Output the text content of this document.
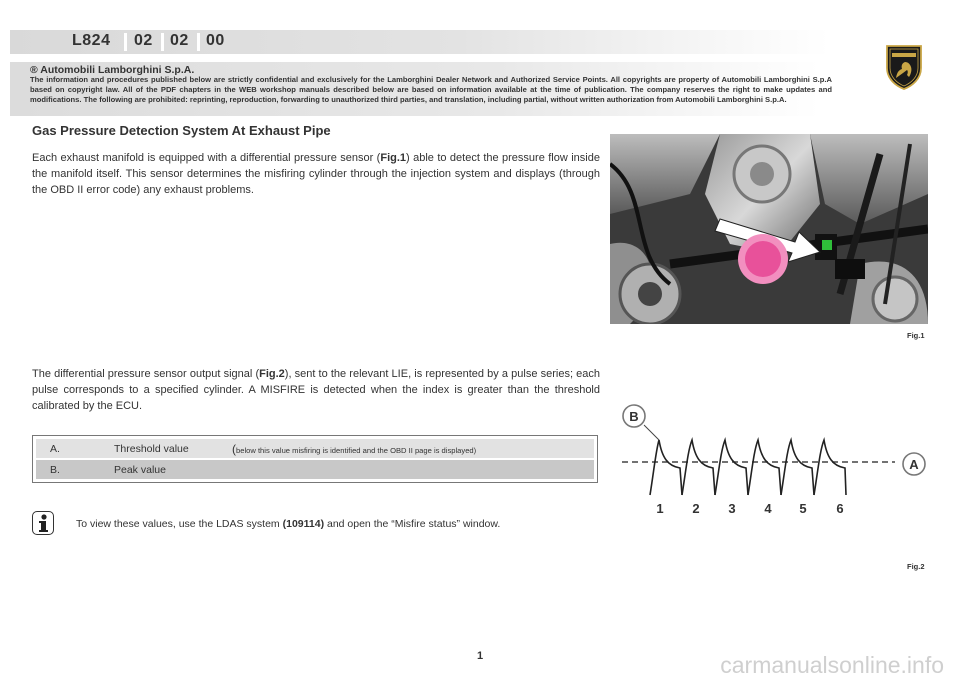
L824 02 02 00
® Automobili Lamborghini S.p.A.
The information and procedures published below are strictly confidential and exclusively for the Lamborghini Dealer Network and Authorized Service Points. All copyrights are property of Automobili Lamborghini S.p.A based on copyright law. All of the PDF chapters in the WEB workshop manuals described below are based on information available at the time of publication. The company reserves the right to make updates and modifications. The following are prohibited: reprinting, reproduction, forwarding to unauthorized third parties, and translation, including partial, without written authorization from Automobili Lamborghini S.p.A.
Gas Pressure Detection System At Exhaust Pipe
Each exhaust manifold is equipped with a differential pressure sensor (Fig.1) able to detect the pressure flow inside the manifold itself. This sensor determines the misfiring cylinder through the injection system and displays (through the OBD II error code) any exhaust problems.
The differential pressure sensor output signal (Fig.2), sent to the relevant LIE, is represented by a pulse series; each pulse corresponds to a specified cylinder. A MISFIRE is detected when the index is greater than the threshold calibrated by the ECU.
Fig.1
A.	Threshold value	(below this value misfiring is identified and the OBD II page is displayed)
B.	Peak value
To view these values, use the LDAS system (109114) and open the “Misfire status” window.
B
A
1 2 3 4 5 6
Fig.2
1	carmanualsonline.info
